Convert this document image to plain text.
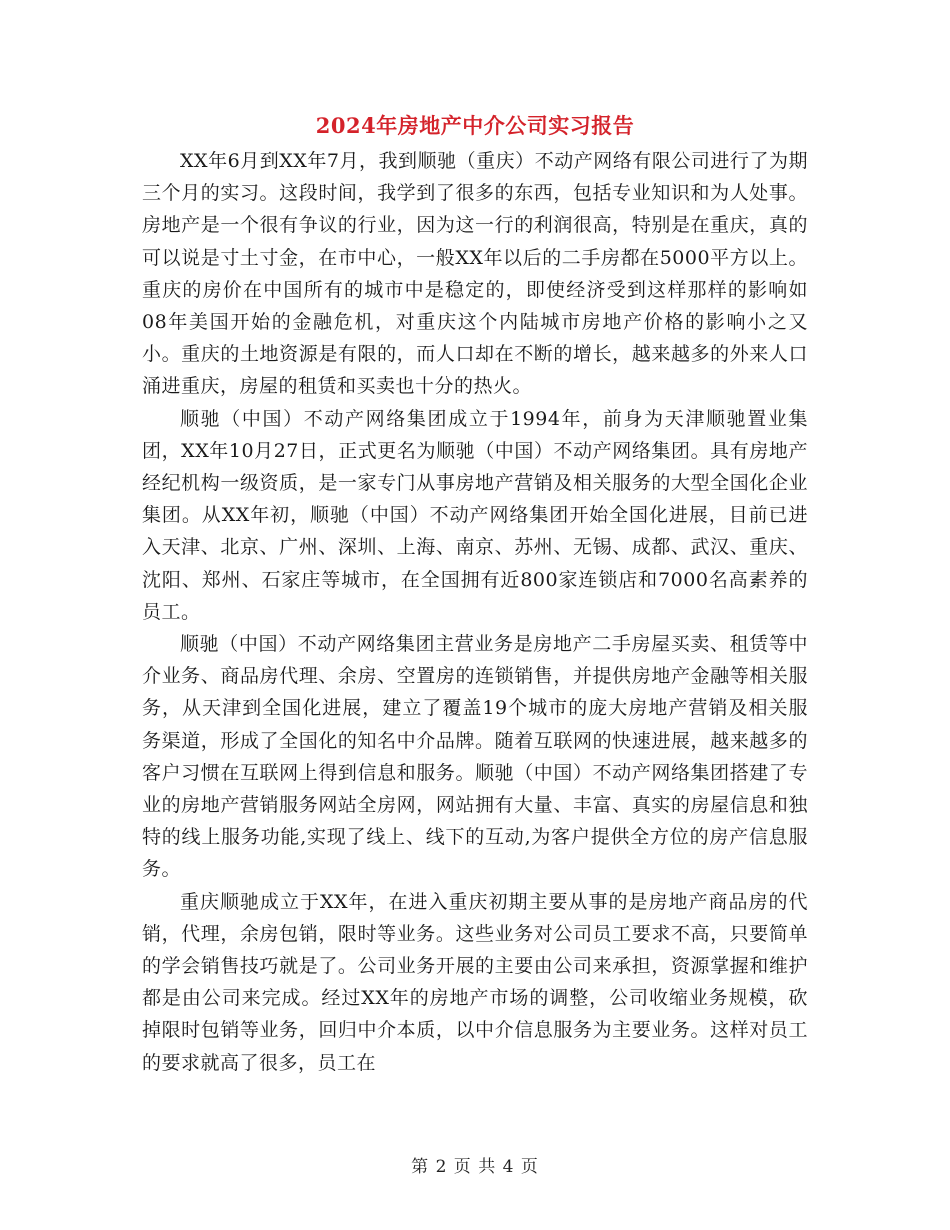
2024年房地产中介公司实习报告

XX年6月到XX年7月，我到顺驰（重庆）不动产网络有限公司进行了为期三个月的实习。这段时间，我学到了很多的东西，包括专业知识和为人处事。房地产是一个很有争议的行业，因为这一行的利润很高，特别是在重庆，真的可以说是寸土寸金，在市中心，一般XX年以后的二手房都在5000平方以上。重庆的房价在中国所有的城市中是稳定的，即使经济受到这样那样的影响如08年美国开始的金融危机，对重庆这个内陆城市房地产价格的影响小之又小。重庆的土地资源是有限的，而人口却在不断的增长，越来越多的外来人口涌进重庆，房屋的租赁和买卖也十分的热火。

顺驰（中国）不动产网络集团成立于1994年，前身为天津顺驰置业集团，XX年10月27日，正式更名为顺驰（中国）不动产网络集团。具有房地产经纪机构一级资质，是一家专门从事房地产营销及相关服务的大型全国化企业集团。从XX年初，顺驰（中国）不动产网络集团开始全国化进展，目前已进入天津、北京、广州、深圳、上海、南京、苏州、无锡、成都、武汉、重庆、沈阳、郑州、石家庄等城市，在全国拥有近800家连锁店和7000名高素养的员工。

顺驰（中国）不动产网络集团主营业务是房地产二手房屋买卖、租赁等中介业务、商品房代理、余房、空置房的连锁销售，并提供房地产金融等相关服务，从天津到全国化进展，建立了覆盖19个城市的庞大房地产营销及相关服务渠道，形成了全国化的知名中介品牌。随着互联网的快速进展，越来越多的客户习惯在互联网上得到信息和服务。顺驰（中国）不动产网络集团搭建了专业的房地产营销服务网站全房网，网站拥有大量、丰富、真实的房屋信息和独特的线上服务功能,实现了线上、线下的互动,为客户提供全方位的房产信息服务。

重庆顺驰成立于XX年，在进入重庆初期主要从事的是房地产商品房的代销，代理，余房包销，限时等业务。这些业务对公司员工要求不高，只要简单的学会销售技巧就是了。公司业务开展的主要由公司来承担，资源掌握和维护都是由公司来完成。经过XX年的房地产市场的调整，公司收缩业务规模，砍掉限时包销等业务，回归中介本质，以中介信息服务为主要业务。这样对员工的要求就高了很多，员工在

第 2 页 共 4 页
